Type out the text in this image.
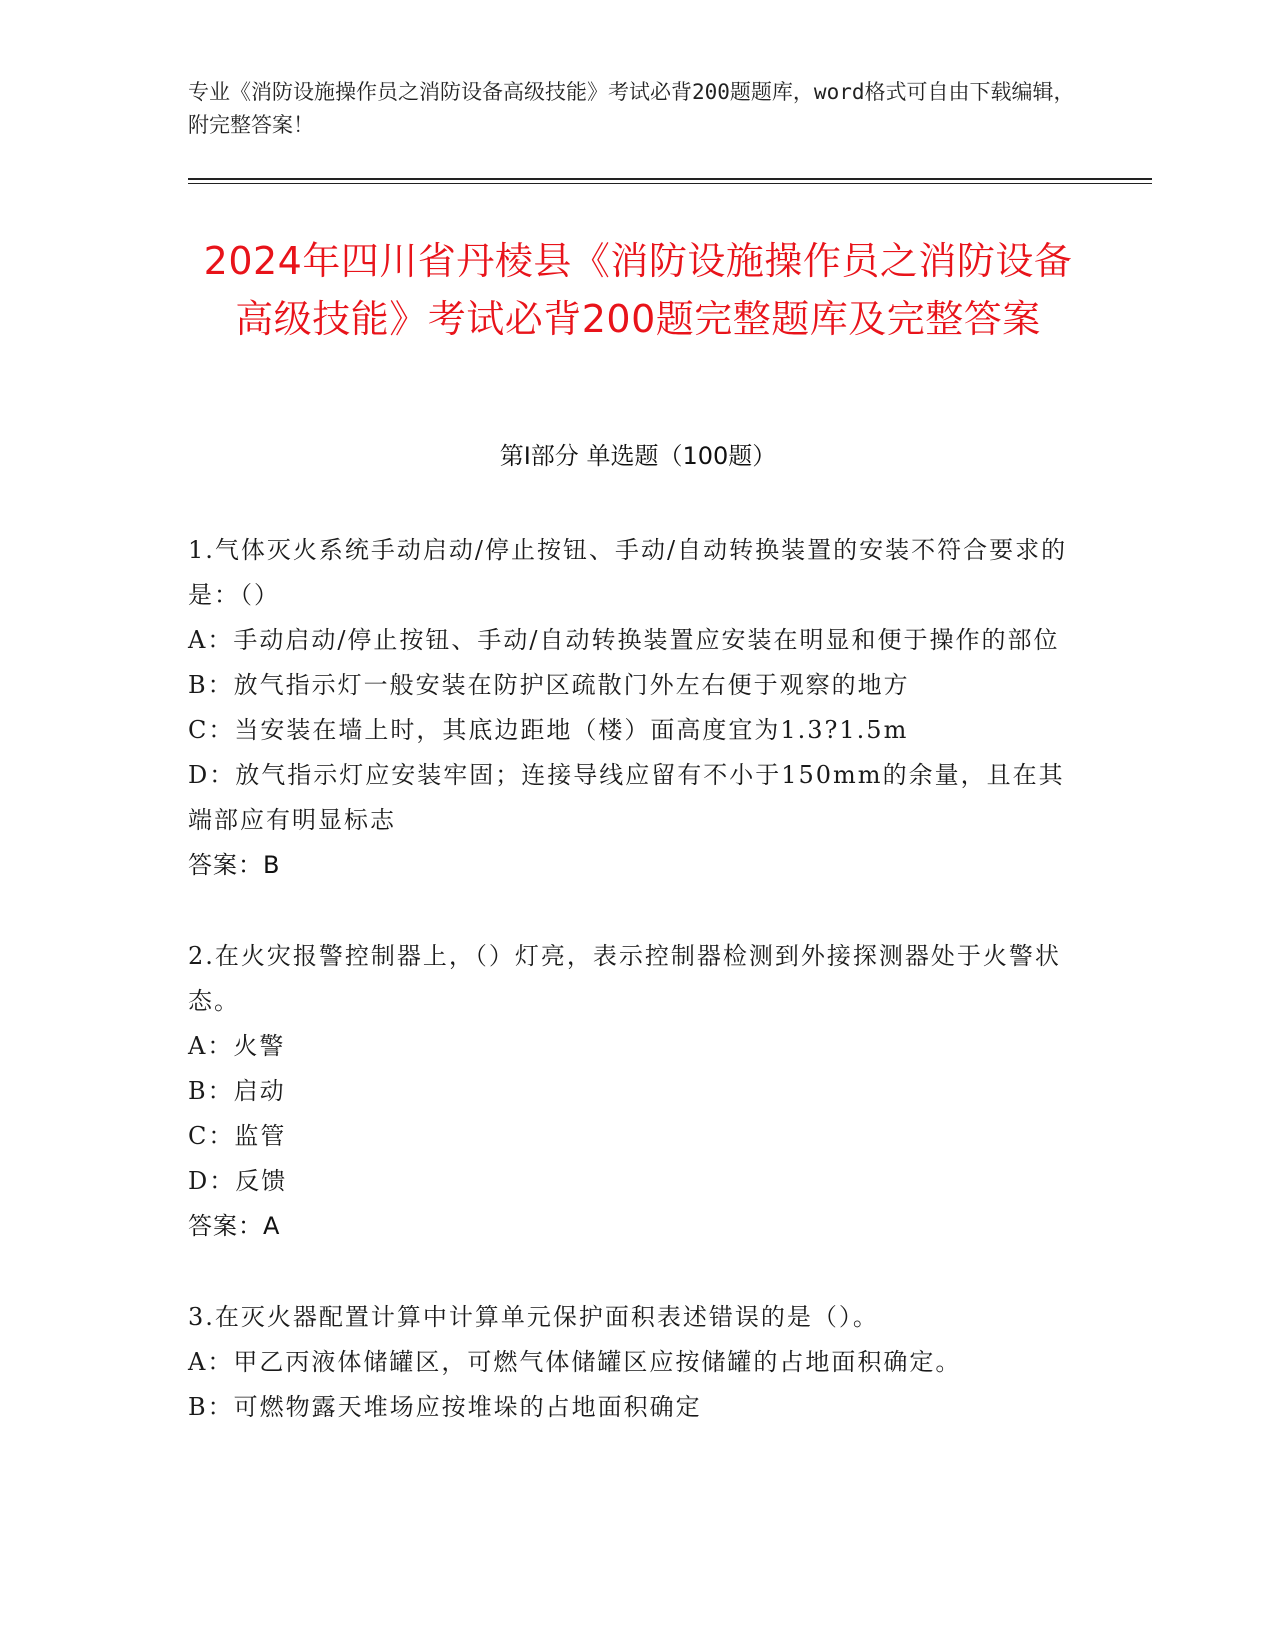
专业《消防设施操作员之消防设备高级技能》考试必背200题题库，word格式可自由下载编辑，附完整答案！
2024年四川省丹棱县《消防设施操作员之消防设备高级技能》考试必背200题完整题库及完整答案
第I部分 单选题（100题）
1.气体灭火系统手动启动/停止按钮、手动/自动转换装置的安装不符合要求的是：（）
A：手动启动/停止按钮、手动/自动转换装置应安装在明显和便于操作的部位
B：放气指示灯一般安装在防护区疏散门外左右便于观察的地方
C：当安装在墙上时，其底边距地（楼）面高度宜为1.3?1.5m
D：放气指示灯应安装牢固；连接导线应留有不小于150mm的余量，且在其端部应有明显标志
答案：B
2.在火灾报警控制器上，（）灯亮，表示控制器检测到外接探测器处于火警状态。
A：火警
B：启动
C：监管
D：反馈
答案：A
3.在灭火器配置计算中计算单元保护面积表述错误的是（）。
A：甲乙丙液体储罐区，可燃气体储罐区应按储罐的占地面积确定。
B：可燃物露天堆场应按堆垛的占地面积确定
